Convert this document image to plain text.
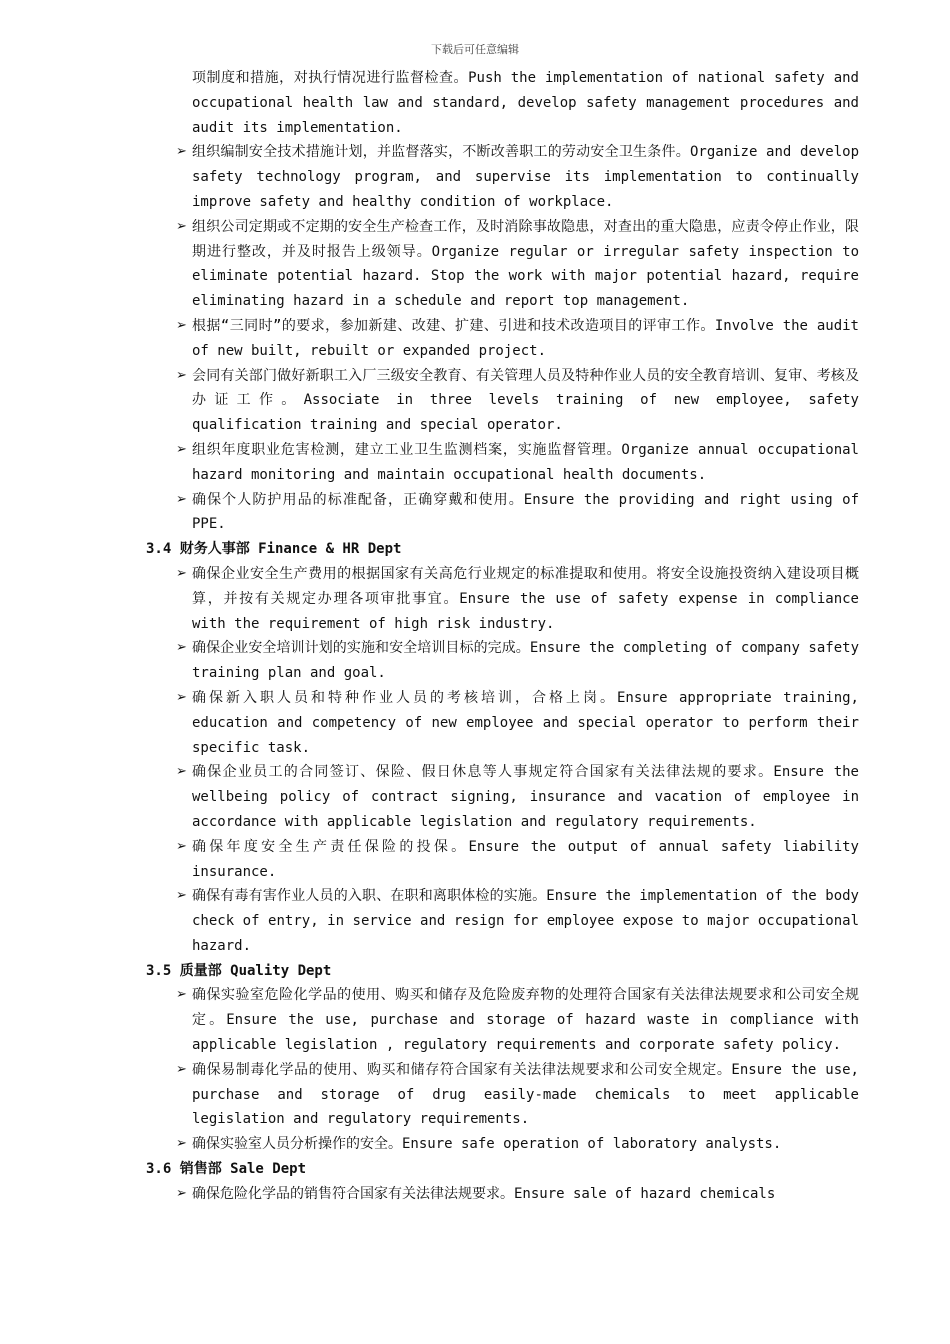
下载后可任意编辑
项制度和措施，对执行情况进行监督检查。Push the implementation of national safety and occupational health law and standard, develop safety management procedures and audit its implementation.
➢ 组织编制安全技术措施计划，并监督落实，不断改善职工的劳动安全卫生条件。Organize and develop safety technology program, and supervise its implementation to continually improve safety and healthy condition of workplace.
➢ 组织公司定期或不定期的安全生产检查工作，及时消除事故隐患，对查出的重大隐患，应责令停止作业，限期进行整改，并及时报告上级领导。Organize regular or irregular safety inspection to eliminate potential hazard. Stop the work with major potential hazard, require eliminating hazard in a schedule and report top management.
➢ 根据“三同时”的要求，参加新建、改建、扩建、引进和技术改造项目的评审工作。Involve the audit of new built, rebuilt or expanded project.
➢ 会同有关部门做好新职工入厂三级安全教育、有关管理人员及特种作业人员的安全教育培训、复审、考核及办证工作。Associate in three levels training of new employee, safety qualification training and special operator.
➢ 组织年度职业危害检测，建立工业卫生监测档案，实施监督管理。Organize annual occupational hazard monitoring and maintain occupational health documents.
➢ 确保个人防护用品的标准配备，正确穿戴和使用。Ensure the providing and right using of PPE.
3.4 财务人事部 Finance & HR Dept
➢ 确保企业安全生产费用的根据国家有关高危行业规定的标准提取和使用。将安全设施投资纳入建设项目概算，并按有关规定办理各项审批事宜。Ensure the use of safety expense in compliance with the requirement of high risk industry.
➢ 确保企业安全培训计划的实施和安全培训目标的完成。Ensure the completing of company safety training plan and goal.
➢ 确保新入职人员和特种作业人员的考核培训，合格上岗。Ensure appropriate training, education and competency of new employee and special operator to perform their specific task.
➢ 确保企业员工的合同签订、保险、假日休息等人事规定符合国家有关法律法规的要求。Ensure the wellbeing policy of contract signing, insurance and vacation of employee in accordance with applicable legislation and regulatory requirements.
➢ 确保年度安全生产责任保险的投保。Ensure the output of annual safety liability insurance.
➢ 确保有毒有害作业人员的入职、在职和离职体检的实施。Ensure the implementation of the body check of entry, in service and resign for employee expose to major occupational hazard.
3.5 质量部 Quality Dept
➢ 确保实验室危险化学品的使用、购买和储存及危险废弃物的处理符合国家有关法律法规要求和公司安全规定。Ensure the use, purchase and storage of hazard waste in compliance with applicable legislation , regulatory requirements and corporate safety policy.
➢ 确保易制毒化学品的使用、购买和储存符合国家有关法律法规要求和公司安全规定。Ensure the use, purchase and storage of drug easily-made chemicals to meet applicable legislation and regulatory requirements.
➢ 确保实验室人员分析操作的安全。Ensure safe operation of laboratory analysts.
3.6 销售部 Sale Dept
➢ 确保危险化学品的销售符合国家有关法律法规要求。Ensure sale of hazard chemicals
